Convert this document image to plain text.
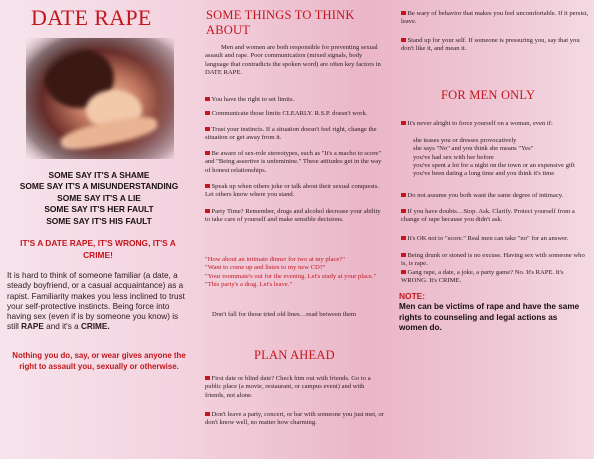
DATE RAPE
SOME SAY IT'S A SHAME
SOME SAY IT'S A MISUNDERSTANDING
SOME SAY IT'S A LIE
SOME SAY IT'S HER FAULT
SOME SAY IT'S HIS FAULT
IT'S A DATE RAPE, IT'S WRONG, IT'S A CRIME!
It is hard to think of someone familiar (a date, a steady boyfriend, or a casual acquaintance) as a rapist. Familiarity makes you less inclined to trust your self-protective instincts. Being force into having sex (even if is by someone you know) is still RAPE and it's a CRIME.
Nothing you do, say, or wear gives anyone the right to assault you, sexually or otherwise.
SOME THINGS TO THINK ABOUT
Men and women are both responsible for preventing sexual assault and rape. Poor communication (mixed signals, body language that contradicts the spoken word) are often key factors in DATE RAPE.
You have the right to set limits.
Communicate those limits CLEARLY. R.S.P. doesn't work.
Trust your instincts. If a situation doesn't feel right, change the situation or get away from it.
Be aware of sex-role stereotypes, such as "It's a macho to score" and "Being assertive is unfeminine." These attitudes get in the way of honest relationships.
Speak up when others joke or talk about their sexual conquests. Let others know where you stand.
Party Time? Remember, drugs and alcohol decrease your ability to take care of yourself and make sensible decisions.
"How about an intimate dinner for two at my place?"
"Want to come up and listen to my new CD?"
"Your roommate's out for the evening. Let's study at your place."
"This party's a drag. Let's leave."
Don't fall for those tried old lines…read between them
PLAN AHEAD
First date or blind date? Check him out with friends. Go to a public place (a movie, restaurant, or campus event) and with friends, not alone.
Don't leave a party, concert, or bar with someone you just met, or don't know well, no matter how charming.
Be wary of behavior that makes you feel uncomfortable. If it persist, leave.
Stand up for your self. If someone is pressuring you, say that you don't like it, and mean it.
FOR MEN ONLY
It's never alright to force yourself on a woman, even if:
she teases you or dresses provocatively
she says "No" and you think she means "Yes"
you've had sex with her before
you've spent a lot for a night on the town or an expensive gift
you've been dating a long time and you think it's time
Do not assume you both want the same degree of intimacy.
If you have doubts…Stop. Ask. Clarify. Protect yourself from a change of rape because you didn't ask.
It's OK not to "score." Real men can take "no" for an answer.
Being drunk or stoned is no excuse. Having sex with someone who is, is rape.
Gang rape, a date, a joke, a party game? No. It's RAPE. It's WRONG. It's CRIME.
NOTE:
Men can be victims of rape and have the same rights to counseling and legal actions as women do.
